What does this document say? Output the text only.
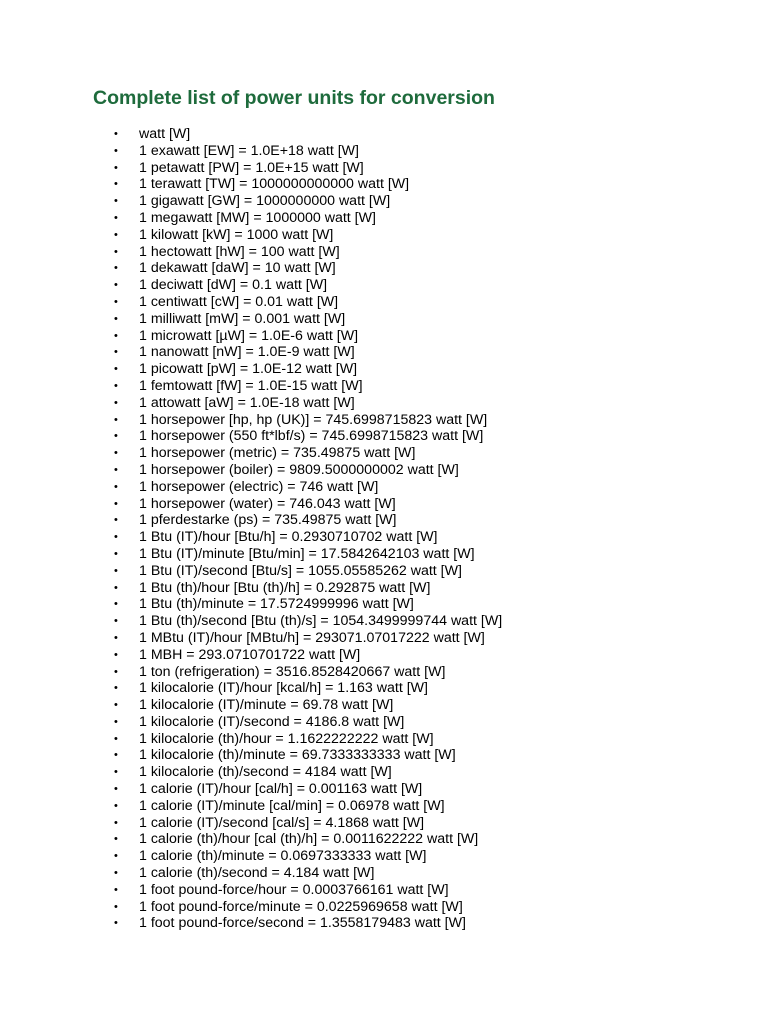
Complete list of power units for conversion
• watt [W]
• 1 exawatt [EW] = 1.0E+18 watt [W]
• 1 petawatt [PW] = 1.0E+15 watt [W]
• 1 terawatt [TW] = 1000000000000 watt [W]
• 1 gigawatt [GW] = 1000000000 watt [W]
• 1 megawatt [MW] = 1000000 watt [W]
• 1 kilowatt [kW] = 1000 watt [W]
• 1 hectowatt [hW] = 100 watt [W]
• 1 dekawatt [daW] = 10 watt [W]
• 1 deciwatt [dW] = 0.1 watt [W]
• 1 centiwatt [cW] = 0.01 watt [W]
• 1 milliwatt [mW] = 0.001 watt [W]
• 1 microwatt [µW] = 1.0E-6 watt [W]
• 1 nanowatt [nW] = 1.0E-9 watt [W]
• 1 picowatt [pW] = 1.0E-12 watt [W]
• 1 femtowatt [fW] = 1.0E-15 watt [W]
• 1 attowatt [aW] = 1.0E-18 watt [W]
• 1 horsepower [hp, hp (UK)] = 745.6998715823 watt [W]
• 1 horsepower (550 ft*lbf/s) = 745.6998715823 watt [W]
• 1 horsepower (metric) = 735.49875 watt [W]
• 1 horsepower (boiler) = 9809.5000000002 watt [W]
• 1 horsepower (electric) = 746 watt [W]
• 1 horsepower (water) = 746.043 watt [W]
• 1 pferdestarke (ps) = 735.49875 watt [W]
• 1 Btu (IT)/hour [Btu/h] = 0.2930710702 watt [W]
• 1 Btu (IT)/minute [Btu/min] = 17.5842642103 watt [W]
• 1 Btu (IT)/second [Btu/s] = 1055.05585262 watt [W]
• 1 Btu (th)/hour [Btu (th)/h] = 0.292875 watt [W]
• 1 Btu (th)/minute = 17.5724999996 watt [W]
• 1 Btu (th)/second [Btu (th)/s] = 1054.3499999744 watt [W]
• 1 MBtu (IT)/hour [MBtu/h] = 293071.07017222 watt [W]
• 1 MBH = 293.0710701722 watt [W]
• 1 ton (refrigeration) = 3516.8528420667 watt [W]
• 1 kilocalorie (IT)/hour [kcal/h] = 1.163 watt [W]
• 1 kilocalorie (IT)/minute = 69.78 watt [W]
• 1 kilocalorie (IT)/second = 4186.8 watt [W]
• 1 kilocalorie (th)/hour = 1.1622222222 watt [W]
• 1 kilocalorie (th)/minute = 69.7333333333 watt [W]
• 1 kilocalorie (th)/second = 4184 watt [W]
• 1 calorie (IT)/hour [cal/h] = 0.001163 watt [W]
• 1 calorie (IT)/minute [cal/min] = 0.06978 watt [W]
• 1 calorie (IT)/second [cal/s] = 4.1868 watt [W]
• 1 calorie (th)/hour [cal (th)/h] = 0.0011622222 watt [W]
• 1 calorie (th)/minute = 0.0697333333 watt [W]
• 1 calorie (th)/second = 4.184 watt [W]
• 1 foot pound-force/hour = 0.0003766161 watt [W]
• 1 foot pound-force/minute = 0.0225969658 watt [W]
• 1 foot pound-force/second = 1.3558179483 watt [W]
